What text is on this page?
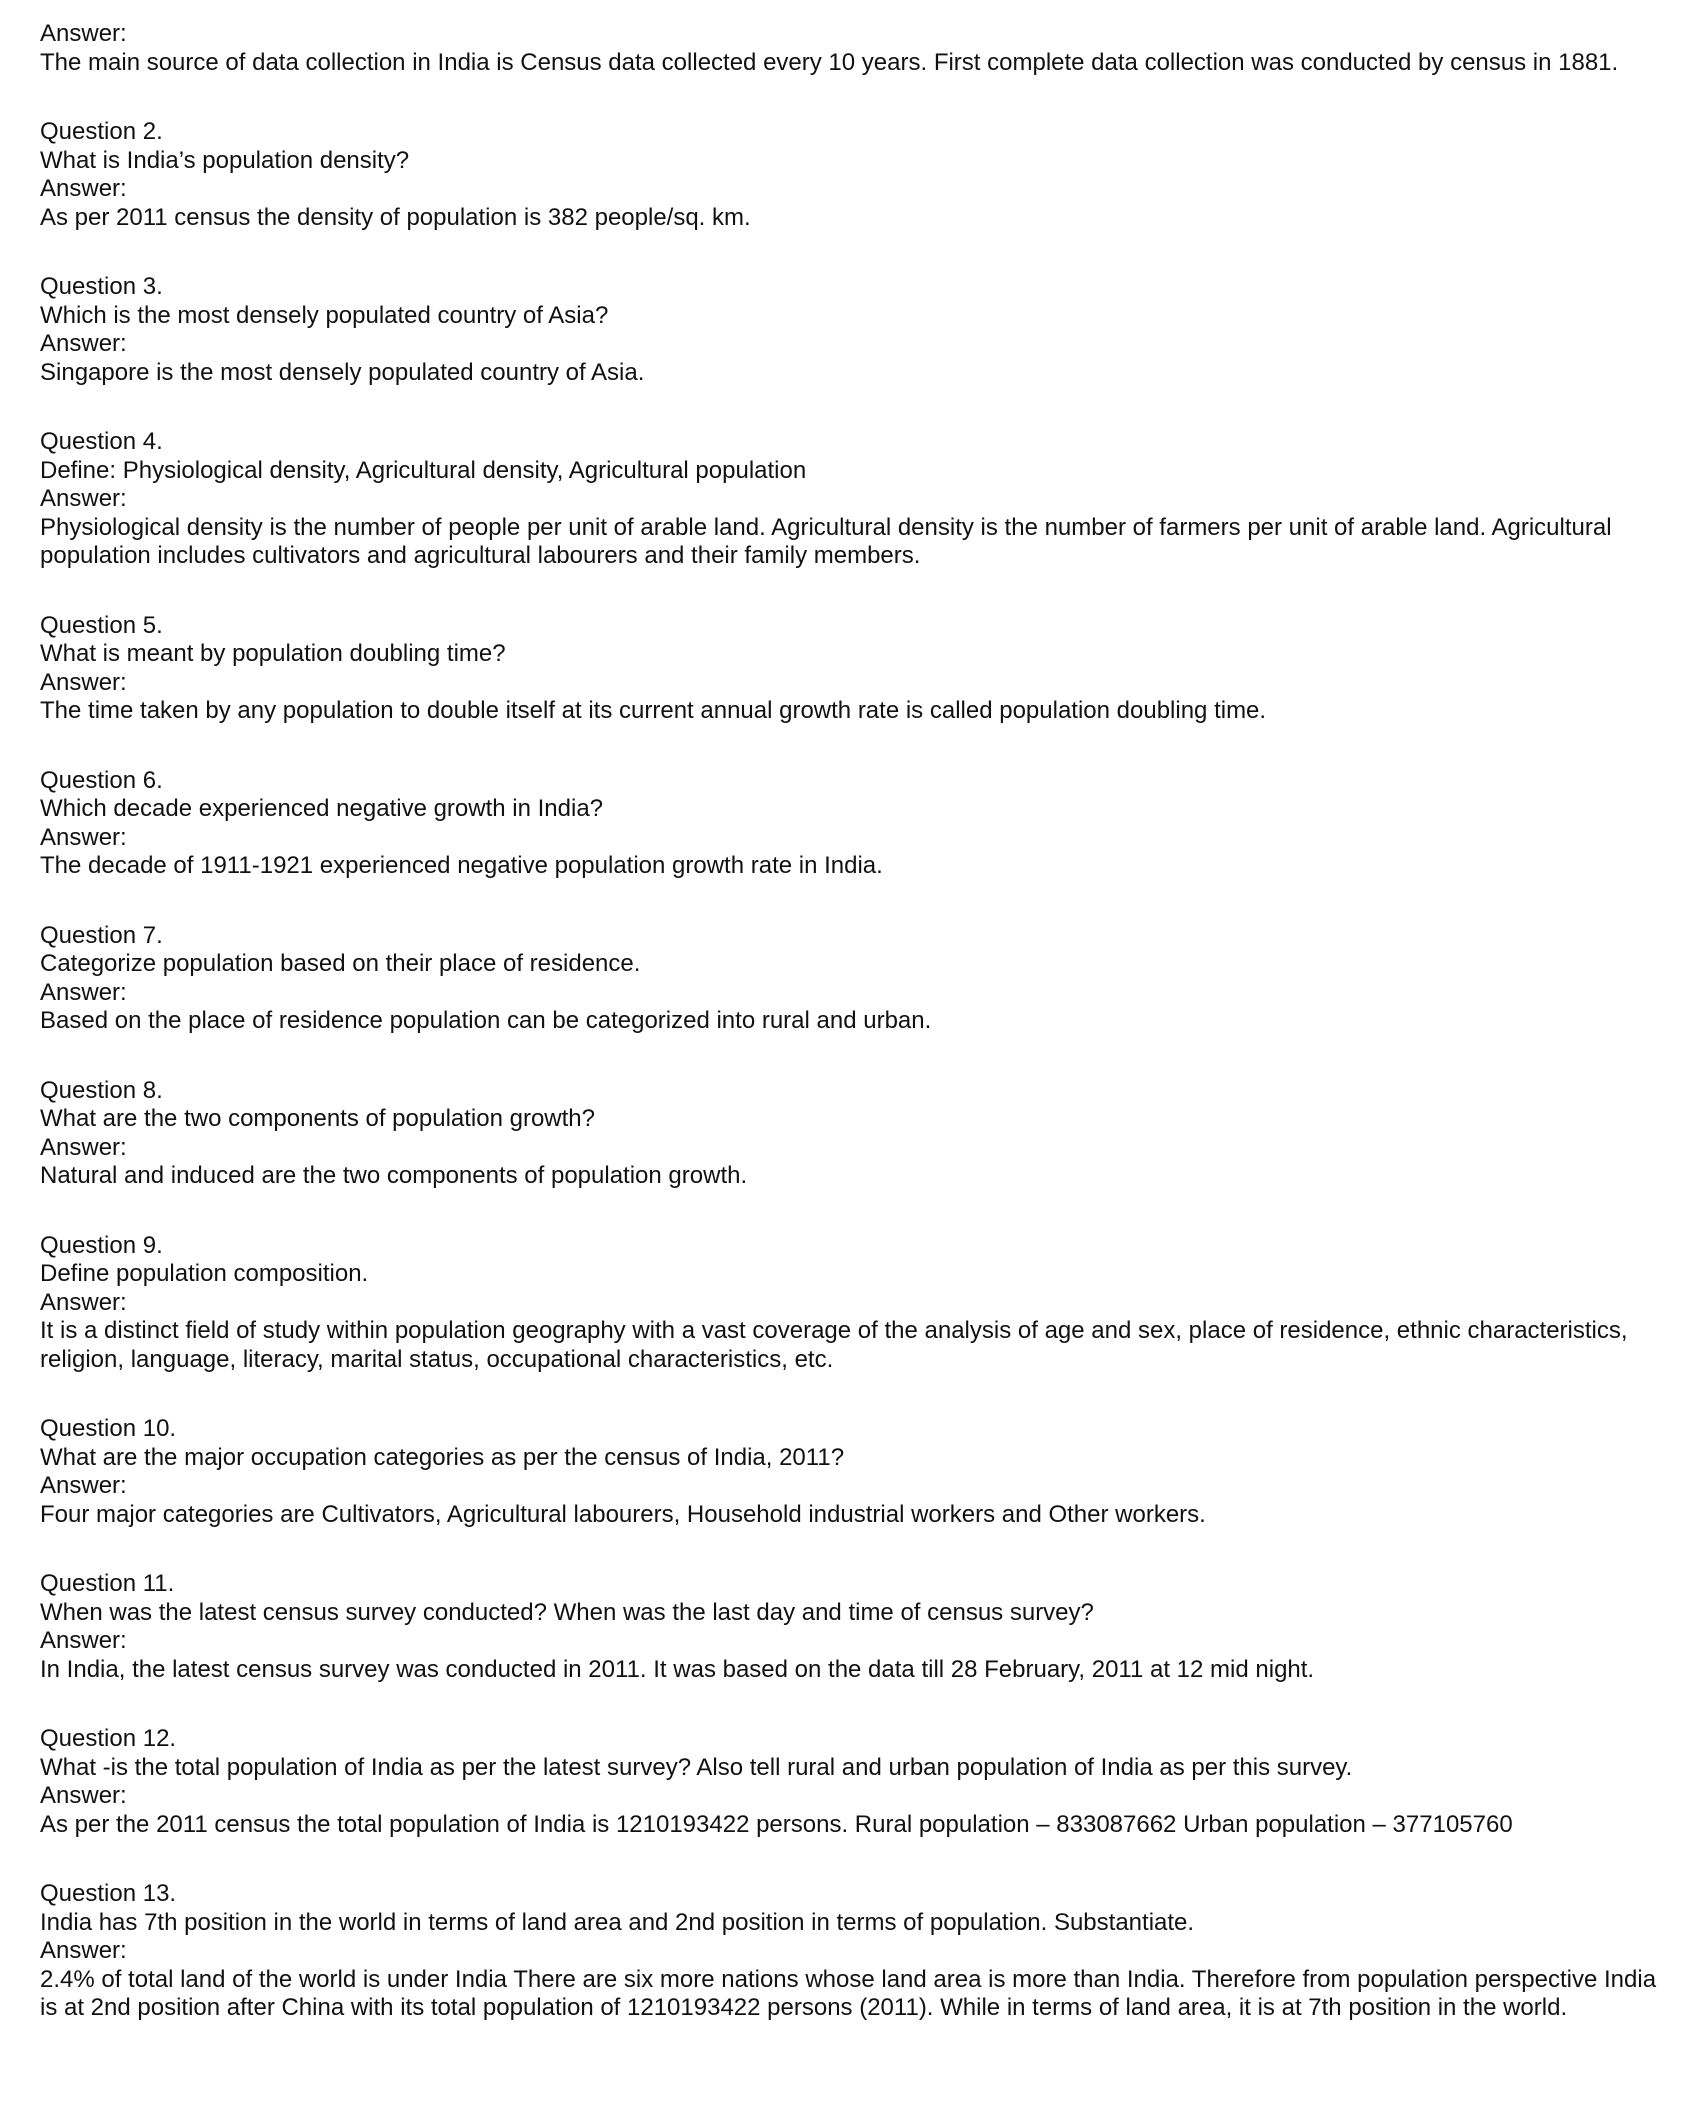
Answer:
The main source of data collection in India is Census data collected every 10 years. First complete data collection was conducted by census in 1881.
Question 2.
What is India’s population density?
Answer:
As per 2011 census the density of population is 382 people/sq. km.
Question 3.
Which is the most densely populated country of Asia?
Answer:
Singapore is the most densely populated country of Asia.
Question 4.
Define: Physiological density, Agricultural density, Agricultural population
Answer:
Physiological density is the number of people per unit of arable land. Agricultural density is the number of farmers per unit of arable land. Agricultural population includes cultivators and agricultural labourers and their family members.
Question 5.
What is meant by population doubling time?
Answer:
The time taken by any population to double itself at its current annual growth rate is called population doubling time.
Question 6.
Which decade experienced negative growth in India?
Answer:
The decade of 1911-1921 experienced negative population growth rate in India.
Question 7.
Categorize population based on their place of residence.
Answer:
Based on the place of residence population can be categorized into rural and urban.
Question 8.
What are the two components of population growth?
Answer:
Natural and induced are the two components of population growth.
Question 9.
Define population composition.
Answer:
It is a distinct field of study within population geography with a vast coverage of the analysis of age and sex, place of residence, ethnic characteristics, religion, language, literacy, marital status, occupational characteristics, etc.
Question 10.
What are the major occupation categories as per the census of India, 2011?
Answer:
Four major categories are Cultivators, Agricultural labourers, Household industrial workers and Other workers.
Question 11.
When was the latest census survey conducted? When was the last day and time of census survey?
Answer:
In India, the latest census survey was conducted in 2011. It was based on the data till 28 February, 2011 at 12 mid night.
Question 12.
What -is the total population of India as per the latest survey? Also tell rural and urban population of India as per this survey.
Answer:
As per the 2011 census the total population of India is 1210193422 persons. Rural population – 833087662 Urban population – 377105760
Question 13.
India has 7th position in the world in terms of land area and 2nd position in terms of population. Substantiate.
Answer:
2.4% of total land of the world is under India There are six more nations whose land area is more than India. Therefore from population perspective India is at 2nd position after China with its total population of 1210193422 persons (2011). While in terms of land area, it is at 7th position in the world.
